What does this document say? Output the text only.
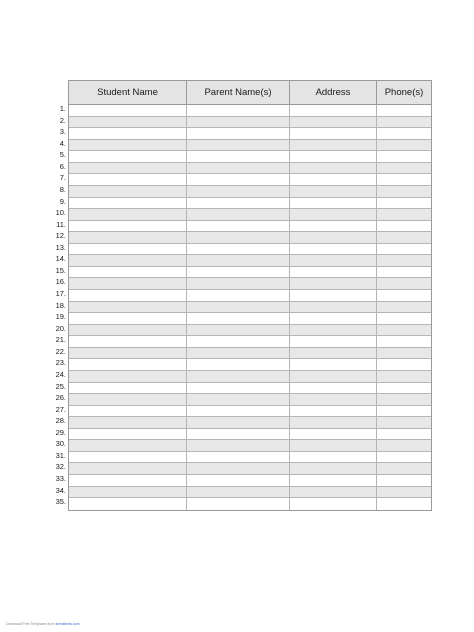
Student Name	Parent Name(s)	Address	Phone(s)
1.
2.
3.
4.
5.
6.
7.
8.
9.
10.
11.
12.
13.
14.
15.
16.
17.
18.
19.
20.
21.
22.
23.
24.
25.
26.
27.
28.
29.
30.
31.
32.
33.
34.
35.
Download Free Templates from formsbirds.com
